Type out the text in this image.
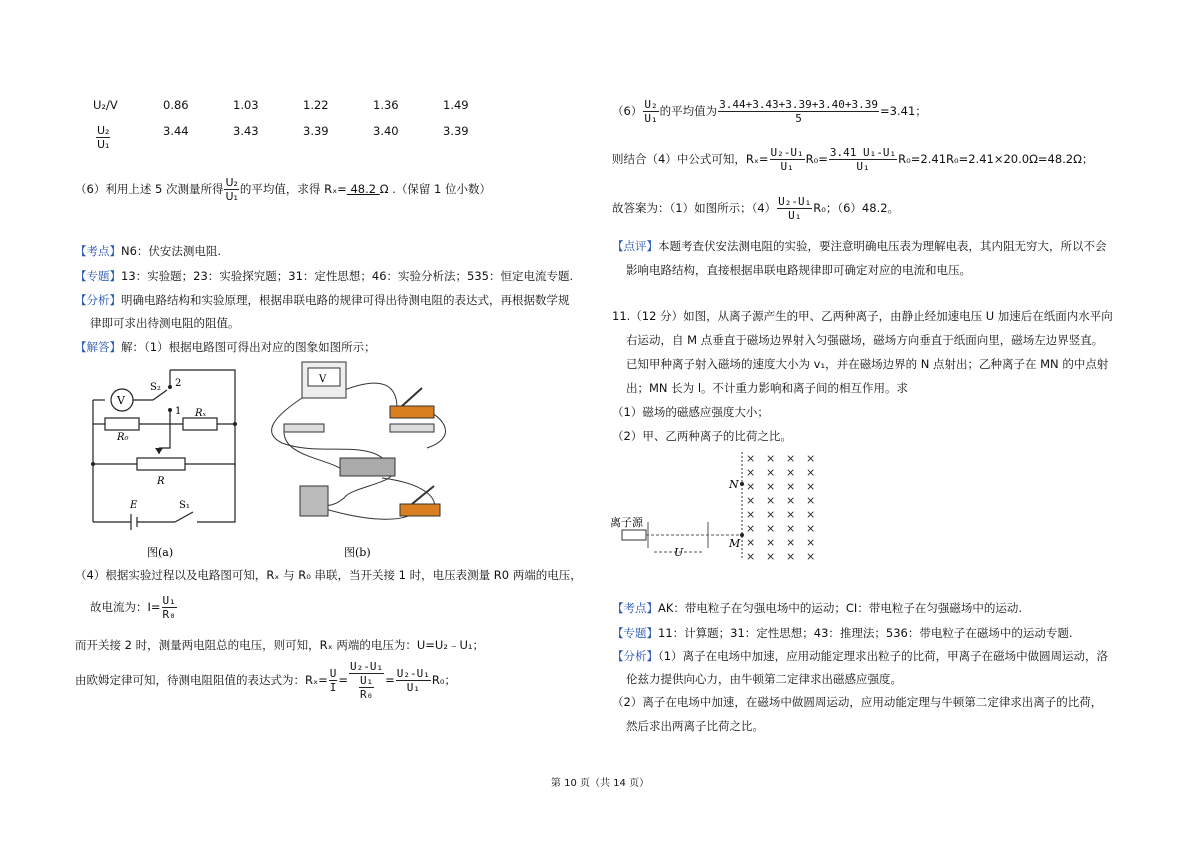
U₂/V	0.86	1.03	1.22	1.36	1.49
$\frac{\text{U₂}}{\text{U₁}}$	3.44	3.43	3.39	3.40	3.39
（6）利用上述 5 次测量所得 $\frac{\text{U₂}}{\text{U₁}}$ 的平均值，求得 Rₓ= 48.2 Ω .（保留 1 位小数）
【考点】N6：伏安法测电阻.
【专题】13：实验题；23：实验探究题；31：定性思想；46：实验分析法；535：恒定电流专题.
【分析】明确电路结构和实验原理，根据串联电路的规律可得出待测电阻的表达式，再根据数学规
律即可求出待测电阻的阻值。
【解答】解：（1）根据电路图可得出对应的图象如图所示；
V
S₂ 2
1 Rₓ
R₀
R
E	S₁
图(a)
V
图(b)
（4）根据实验过程以及电路图可知，Rₓ 与 R₀ 串联，当开关接 1 时，电压表测量 R0 两端的电压，
故电流为：$I= \frac{\text{U₁}}{\text{R₀}}$
而开关接 2 时，测量两电阻总的电压，则可知，Rₓ 两端的电压为：U=U₂﹣U₁；
由欧姆定律可知，待测电阻阻值的表达式为：$R_x= \frac{U}{I} = \frac{\text{U₂-U₁}}{\frac{\text{U₁}}{\text{R₀}}} = \frac{\text{U₂-U₁}}{\text{U₁}} R_0$；
$(6) \frac{\text{U₂}}{\text{U₁}}$ 的平均值为 $\frac{3.44+3.43+3.39+3.40+3.39}{5} =3.41$；
则结合（4）中公式可知，$R_x= \frac{\text{U₂-U₁}}{\text{U₁}} R_0= \frac{\text{3.41 U₁-U₁}}{\text{U₁}} R_0=2.41R_0=2.41\times 20.0\Omega=48.2\Omega$；
故答案为：（1）如图所示；$(4) \frac{\text{U₂-U₁}}{\text{U₁}} R_0$；（6）48.2。
【点评】本题考查伏安法测电阻的实验，要注意明确电压表为理解电表，其内阻无穷大，所以不会
影响电路结构，直接根据串联电路规律即可确定对应的电流和电压。
11.（12 分）如图，从离子源产生的甲、乙两种离子，由静止经加速电压 U 加速后在纸面内水平向
右运动，自 M 点垂直于磁场边界射入匀强磁场，磁场方向垂直于纸面向里，磁场左边界竖直。
已知甲种离子射入磁场的速度大小为 v₁，并在磁场边界的 N 点射出；乙种离子在 MN 的中点射
出；MN 长为 l。不计重力影响和离子间的相互作用。求
（1）磁场的磁感应强度大小；
（2）甲、乙两种离子的比荷之比。
离子源
U
N
M
× × × ×
× × × ×
× × × ×
× × × ×
× × × ×
× × × ×
× × × ×
× × × ×
【考点】AK：带电粒子在匀强电场中的运动；CI：带电粒子在匀强磁场中的运动.
【专题】11：计算题；31：定性思想；43：推理法；536：带电粒子在磁场中的运动专题.
【分析】（1）离子在电场中加速，应用动能定理求出粒子的比荷，甲离子在磁场中做圆周运动，洛
伦兹力提供向心力，由牛顿第二定律求出磁感应强度。
（2）离子在电场中加速，在磁场中做圆周运动，应用动能定理与牛顿第二定律求出离子的比荷，
然后求出两离子比荷之比。
第 10 页（共 14 页）
